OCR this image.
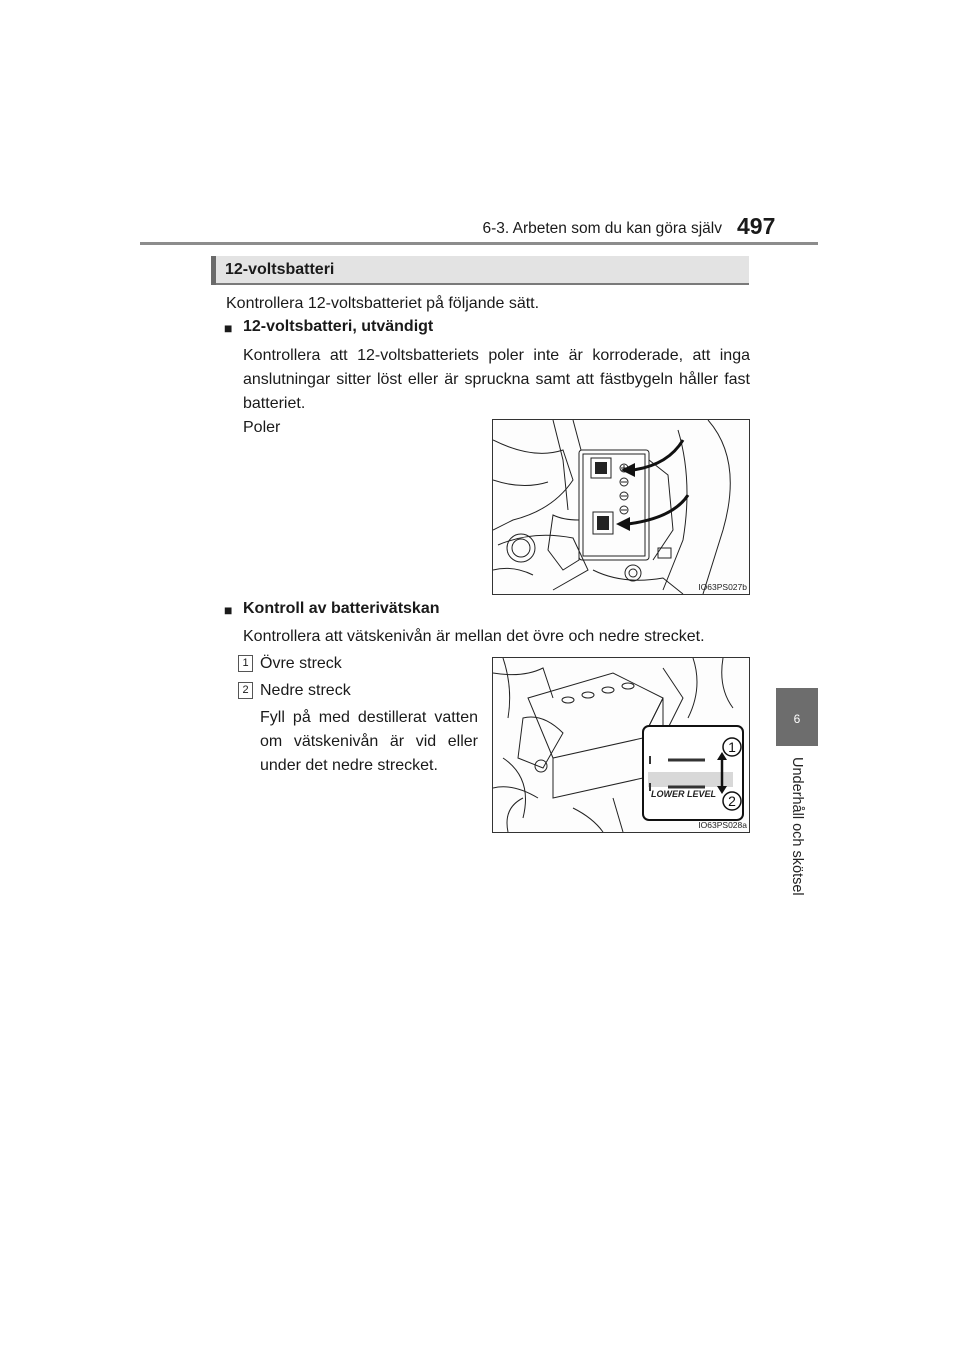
6-3. Arbeten som du kan göra själv 497
6
Underhåll och skötsel
12-voltsbatteri
Kontrollera 12-voltsbatteriet på följande sätt.
■ 12-voltsbatteri, utvändigt
Kontrollera att 12-voltsbatteriets poler inte är korroderade, att inga anslutningar sitter löst eller är spruckna samt att fästbygeln håller fast batteriet.
Poler
IO63PS027b
■ Kontroll av batterivätskan
Kontrollera att vätskenivån är mellan det övre och nedre strecket.
1 Övre streck
2 Nedre streck
Fyll på med destillerat vatten om vätskenivån är vid eller under det nedre strecket.
1
2
LOWER LEVEL
IO63PS028a
